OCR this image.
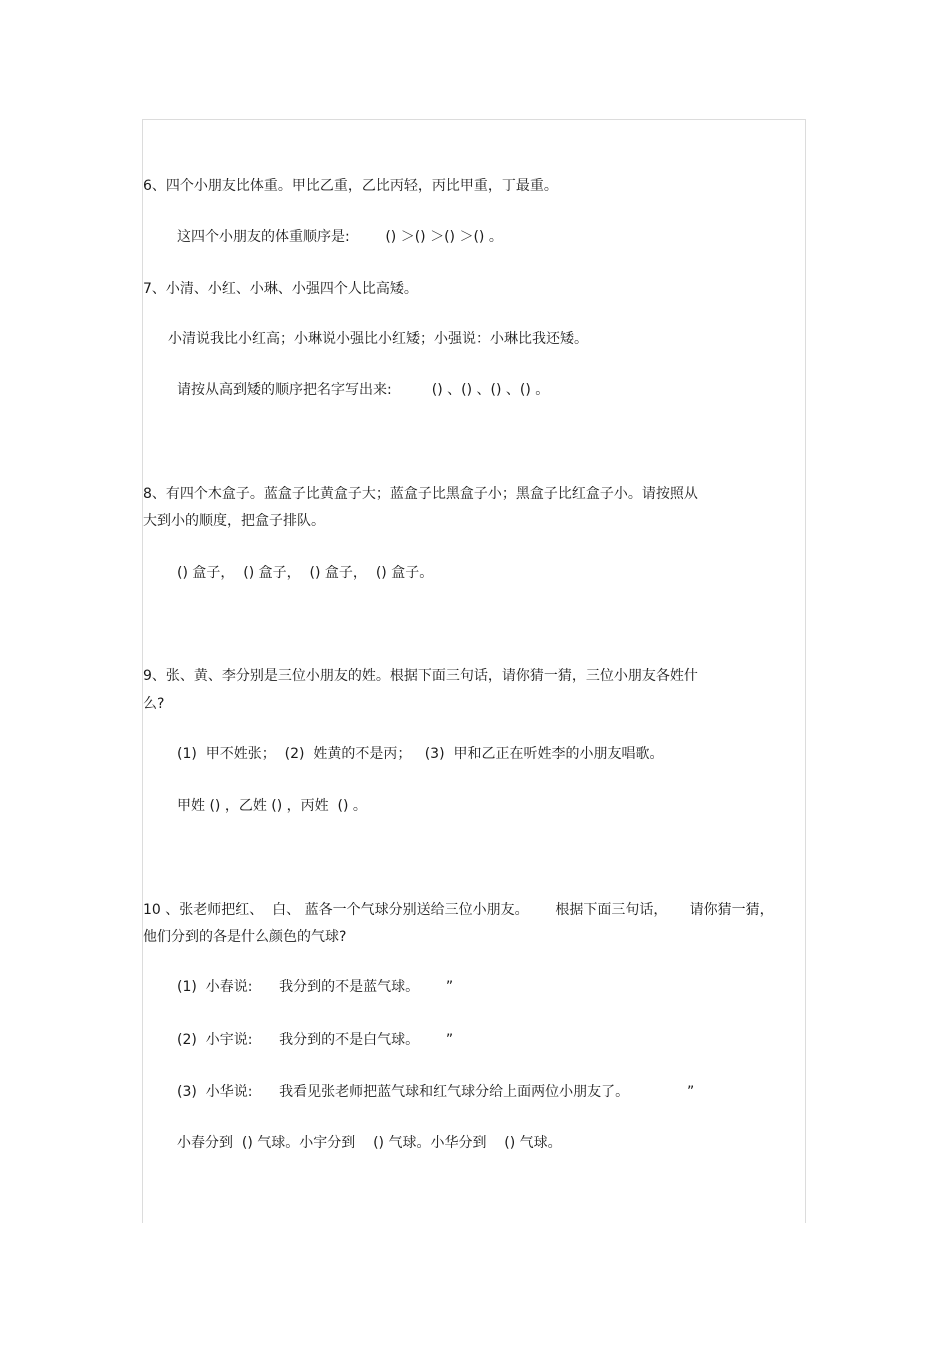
6、四个小朋友比体重。甲比乙重，乙比丙轻，丙比甲重，丁最重。

这四个小朋友的体重顺序是:        () ＞() ＞() ＞() 。

7、小清、小红、小琳、小强四个人比高矮。

小清说我比小红高；小琳说小强比小红矮；小强说：小琳比我还矮。

请按从高到矮的顺序把名字写出来:         () 、() 、() 、() 。

8、有四个木盒子。蓝盒子比黄盒子大；蓝盒子比黑盒子小；黑盒子比红盒子小。请按照从

大到小的顺度，把盒子排队。

() 盒子，  () 盒子，  () 盒子，  () 盒子。

9、张、黄、李分别是三位小朋友的姓。根据下面三句话，请你猜一猜，三位小朋友各姓什

么?

(1)  甲不姓张；  (2)  姓黄的不是丙；   (3)  甲和乙正在听姓李的小朋友唱歌。

甲姓 () ，乙姓 () ，丙姓  () 。

10 、张老师把红、  白、 蓝各一个气球分别送给三位小朋友。      根据下面三句话，     请你猜一猜，

他们分到的各是什么颜色的气球?

(1)  小春说:      我分到的不是蓝气球。      ”

(2)  小宇说:      我分到的不是白气球。      ”

(3)  小华说:      我看见张老师把蓝气球和红气球分给上面两位小朋友了。             ”

小春分到  () 气球。小宇分到    () 气球。小华分到    () 气球。
